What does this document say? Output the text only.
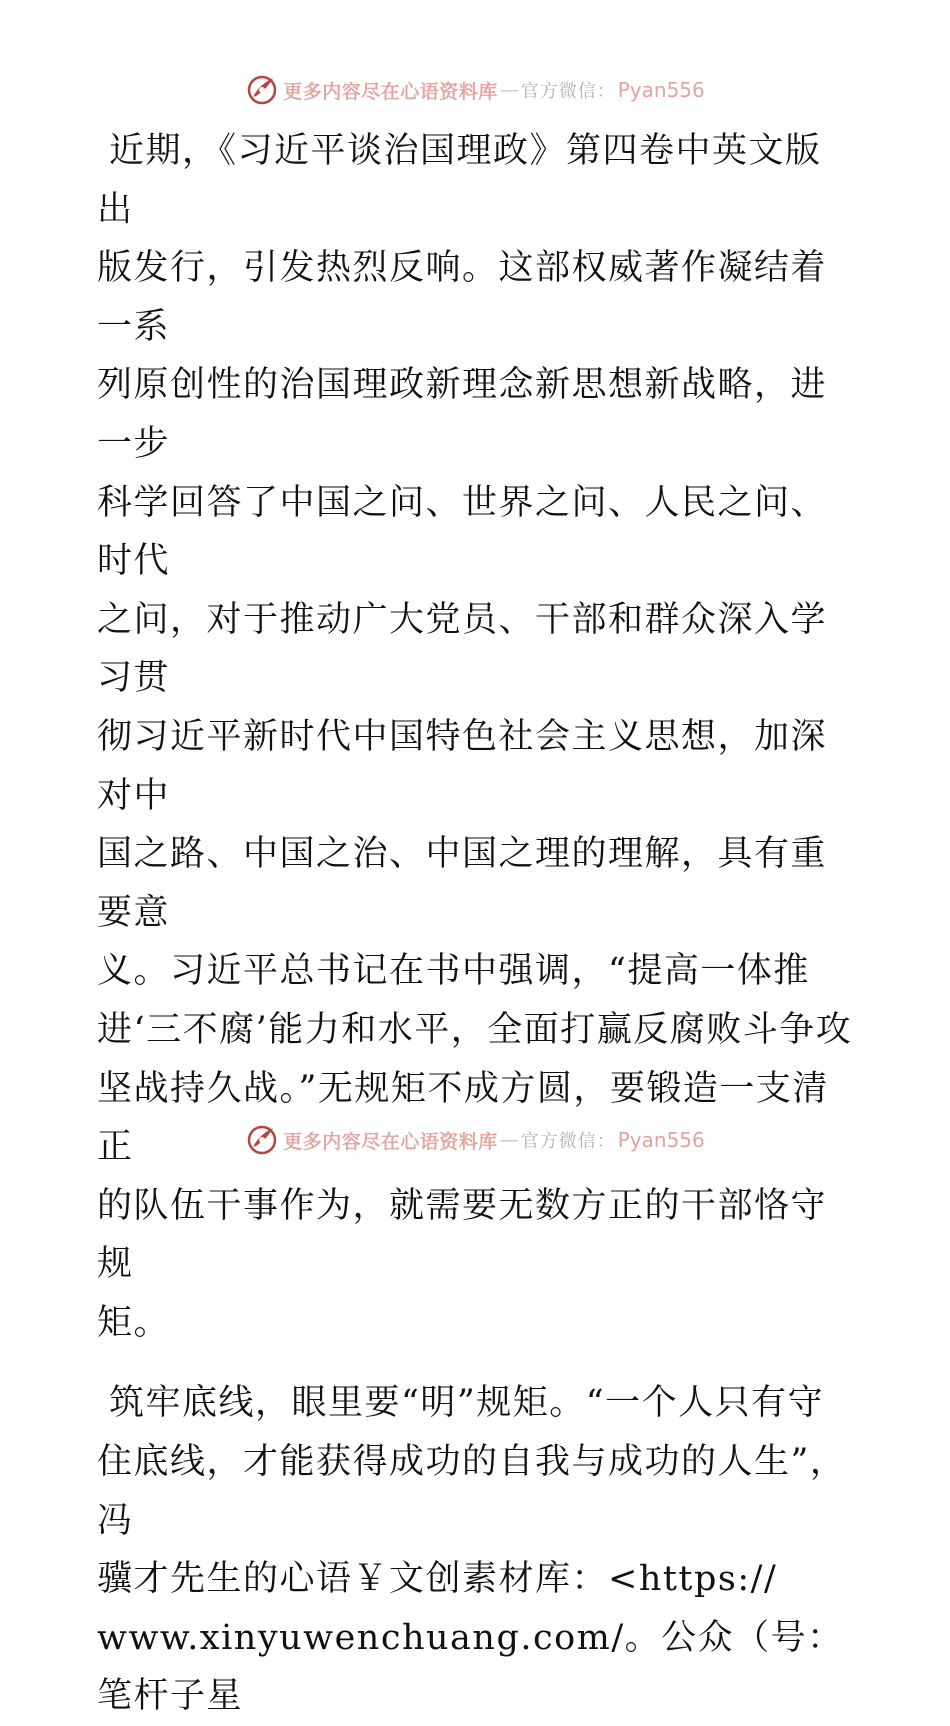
更多内容尽在心语资料库 — 官方微信： Pyan556

近期，《习近平谈治国理政》第四卷中英文版出
版发行，引发热烈反响。这部权威著作凝结着一系
列原创性的治国理政新理念新思想新战略，进一步
科学回答了中国之问、世界之问、人民之问、时代
之问，对于推动广大党员、干部和群众深入学习贯
彻习近平新时代中国特色社会主义思想，加深对中
国之路、中国之治、中国之理的理解，具有重要意
义。习近平总书记在书中强调，“提高一体推
进‘三不腐’能力和水平，全面打赢反腐败斗争攻
坚战持久战。”无规矩不成方圆，要锻造一支清正
的队伍干事作为，就需要无数方正的干部恪守规
矩。

筑牢底线，眼里要“明”规矩。“一个人只有守
住底线，才能获得成功的自我与成功的人生”，冯
骥才先生的心语￥文创素材库：<https://
www.xinyuwenchuang.com/。公众（号：笔杆子星

更多内容尽在心语资料库 — 官方微信： Pyan556
